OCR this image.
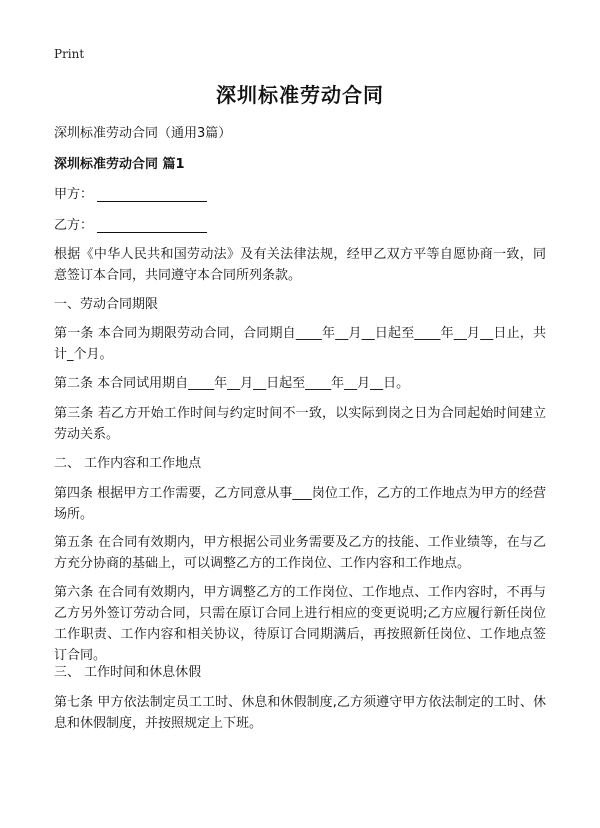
Print
深圳标准劳动合同
深圳标准劳动合同（通用3篇）
深圳标准劳动合同 篇1
甲方：
乙方：

根据《中华人民共和国劳动法》及有关法律法规，经甲乙双方平等自愿协商一致，同意签订本合同，共同遵守本合同所列条款。

一、劳动合同期限

第一条 本合同为期限劳动合同，合同期自____年__月__日起至____年__月__日止，共计_个月。

第二条 本合同试用期自____年__月__日起至____年__月__日。

第三条 若乙方开始工作时间与约定时间不一致，以实际到岗之日为合同起始时间建立劳动关系。

二、 工作内容和工作地点

第四条 根据甲方工作需要，乙方同意从事___岗位工作，乙方的工作地点为甲方的经营场所。

第五条 在合同有效期内，甲方根据公司业务需要及乙方的技能、工作业绩等，在与乙方充分协商的基础上，可以调整乙方的工作岗位、工作内容和工作地点。

第六条 在合同有效期内，甲方调整乙方的工作岗位、工作地点、工作内容时，不再与乙方另外签订劳动合同，只需在原订合同上进行相应的变更说明;乙方应履行新任岗位工作职责、工作内容和相关协议，待原订合同期满后，再按照新任岗位、工作地点签订合同。

三、 工作时间和休息休假

第七条 甲方依法制定员工工时、休息和休假制度,乙方须遵守甲方依法制定的工时、休息和休假制度，并按照规定上下班。
